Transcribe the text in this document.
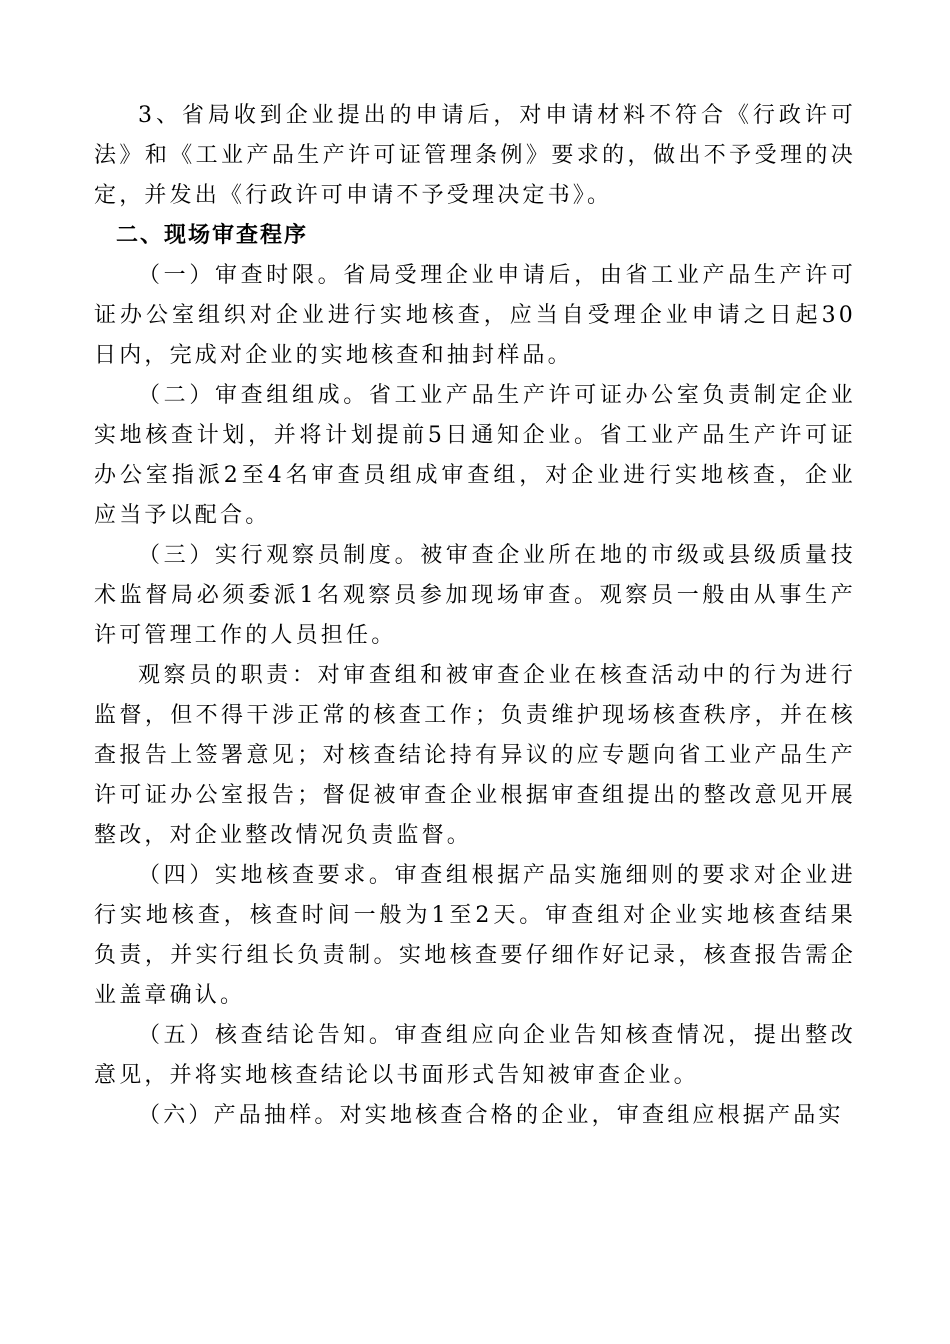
3、省局收到企业提出的申请后，对申请材料不符合《行政许可法》和《工业产品生产许可证管理条例》要求的，做出不予受理的决定，并发出《行政许可申请不予受理决定书》。

二、现场审查程序

（一）审查时限。省局受理企业申请后，由省工业产品生产许可证办公室组织对企业进行实地核查，应当自受理企业申请之日起30日内，完成对企业的实地核查和抽封样品。

（二）审查组组成。省工业产品生产许可证办公室负责制定企业实地核查计划，并将计划提前5日通知企业。省工业产品生产许可证办公室指派2至4名审查员组成审查组，对企业进行实地核查，企业应当予以配合。

（三）实行观察员制度。被审查企业所在地的市级或县级质量技术监督局必须委派1名观察员参加现场审查。观察员一般由从事生产许可管理工作的人员担任。

观察员的职责：对审查组和被审查企业在核查活动中的行为进行监督，但不得干涉正常的核查工作；负责维护现场核查秩序，并在核查报告上签署意见；对核查结论持有异议的应专题向省工业产品生产许可证办公室报告；督促被审查企业根据审查组提出的整改意见开展整改，对企业整改情况负责监督。

（四）实地核查要求。审查组根据产品实施细则的要求对企业进行实地核查，核查时间一般为1至2天。审查组对企业实地核查结果负责，并实行组长负责制。实地核查要仔细作好记录，核查报告需企业盖章确认。

（五）核查结论告知。审查组应向企业告知核查情况，提出整改意见，并将实地核查结论以书面形式告知被审查企业。

（六）产品抽样。对实地核查合格的企业，审查组应根据产品实
